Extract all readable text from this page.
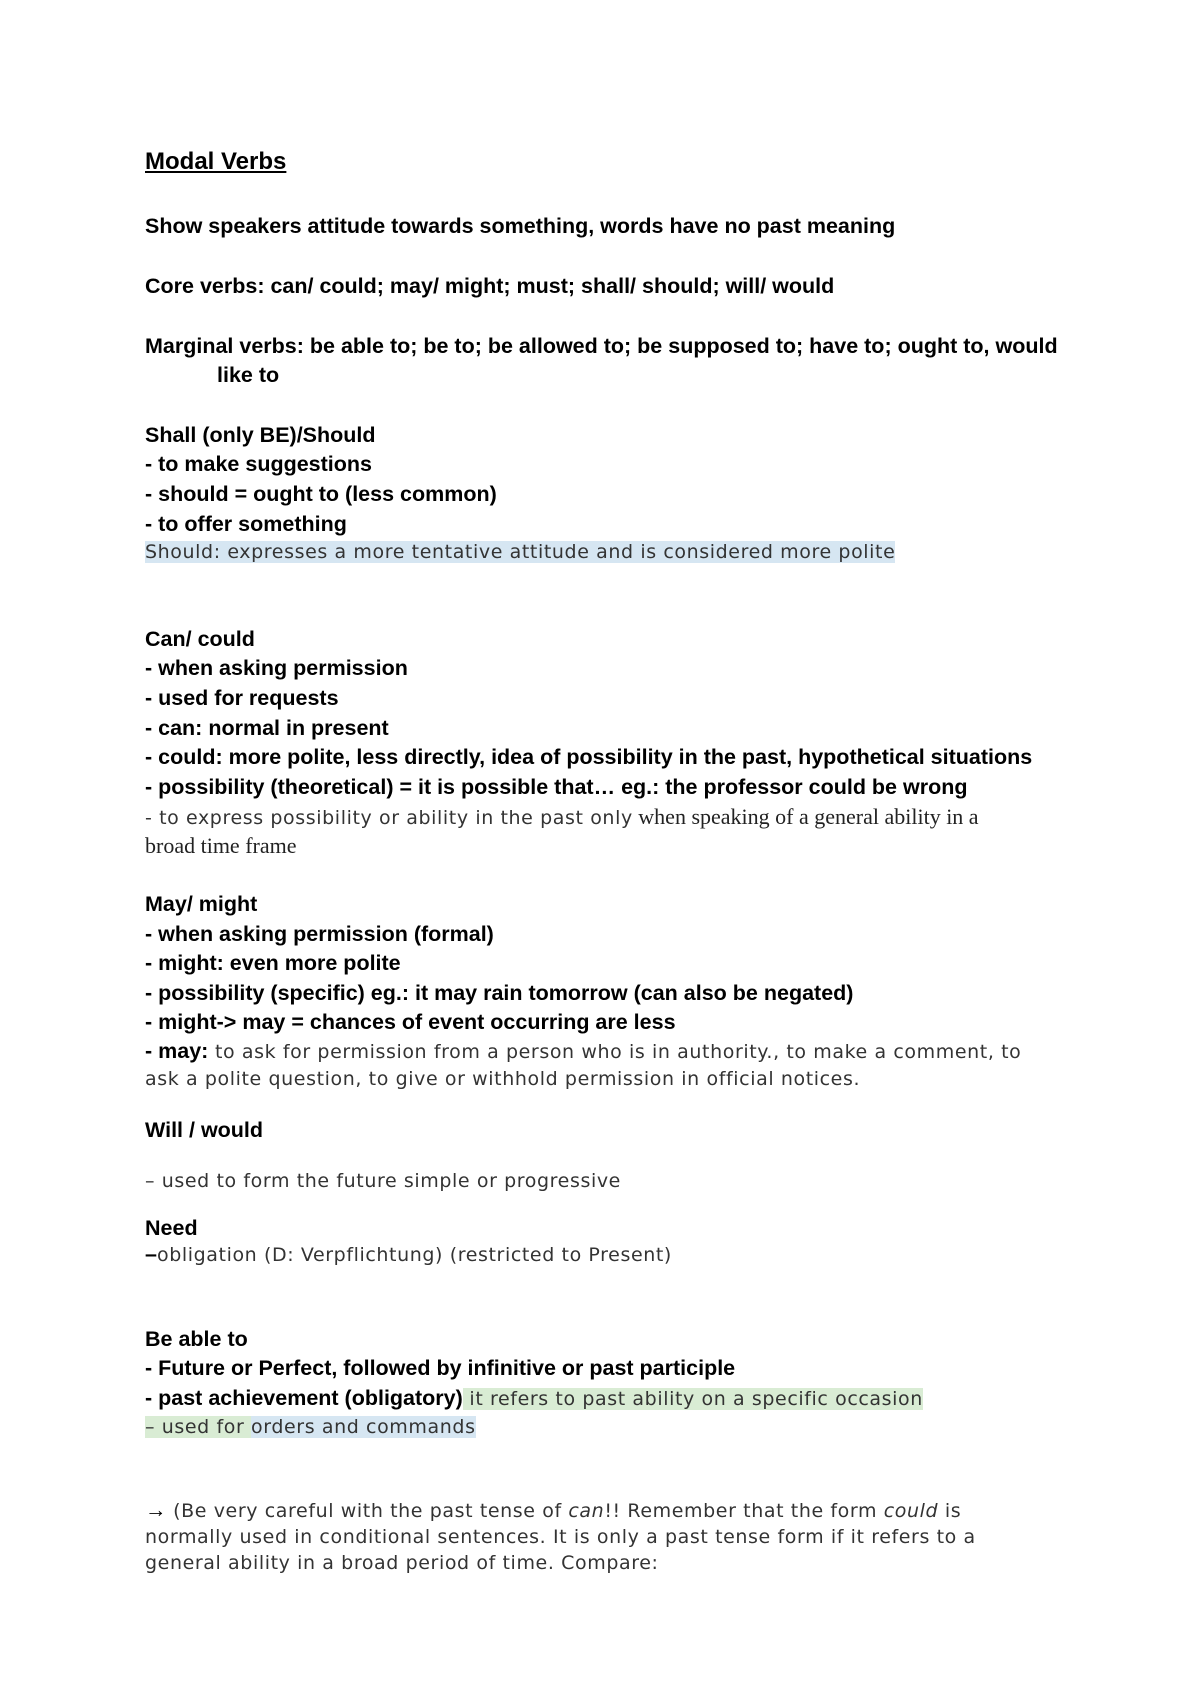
Modal Verbs
Show speakers attitude towards something, words have no past meaning
Core verbs: can/ could; may/ might; must; shall/ should; will/ would
Marginal verbs: be able to; be to; be allowed to; be supposed to; have to; ought to, would
like to
Shall (only BE)/Should
- to make suggestions
- should = ought to (less common)
- to offer something
Should: expresses a more tentative attitude and is considered more polite
Can/ could
- when asking permission
- used for requests
- can: normal in present
- could: more polite, less directly, idea of possibility in the past, hypothetical situations
- possibility (theoretical) = it is possible that… eg.: the professor could be wrong
- to express possibility or ability in the past only when speaking of a general ability in a
broad time frame
May/ might
- when asking permission (formal)
- might: even more polite
- possibility (specific) eg.: it may rain tomorrow (can also be negated)
- might-> may = chances of event occurring are less
- may: to ask for permission from a person who is in authority., to make a comment, to
ask a polite question, to give or withhold permission in official notices.
Will / would
– used to form the future simple or progressive
Need
–obligation (D: Verpflichtung) (restricted to Present)
Be able to
- Future or Perfect, followed by infinitive or past participle
- past achievement (obligatory) it refers to past ability on a specific occasion
– used for orders and commands
→ (Be very careful with the past tense of can!! Remember that the form could is
normally used in conditional sentences. It is only a past tense form if it refers to a
general ability in a broad period of time. Compare:
